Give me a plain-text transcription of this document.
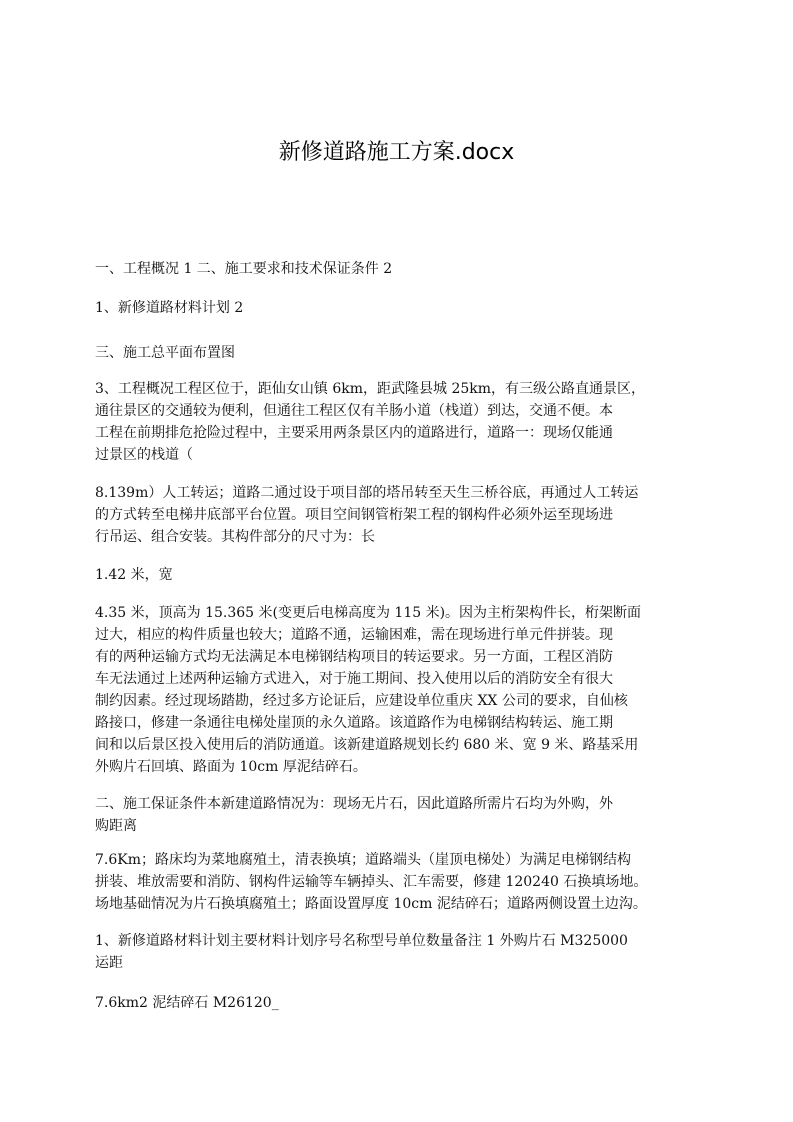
新修道路施工方案.docx
一、工程概况 1 二、施工要求和技术保证条件 2
1、新修道路材料计划 2
三、施工总平面布置图
3、工程概况工程区位于，距仙女山镇 6km，距武隆县城 25km，有三级公路直通景区，
通往景区的交通较为便利，但通往工程区仅有羊肠小道（栈道）到达，交通不便。本
工程在前期排危抢险过程中，主要采用两条景区内的道路进行，道路一：现场仅能通
过景区的栈道（
8.139m）人工转运；道路二通过设于项目部的塔吊转至天生三桥谷底，再通过人工转运
的方式转至电梯井底部平台位置。项目空间钢管桁架工程的钢构件必须外运至现场进
行吊运、组合安装。其构件部分的尺寸为：长
1.42 米，宽
4.35 米，顶高为 15.365 米(变更后电梯高度为 115 米)。因为主桁架构件长，桁架断面
过大，相应的构件质量也较大；道路不通，运输困难，需在现场进行单元件拼装。现
有的两种运输方式均无法满足本电梯钢结构项目的转运要求。另一方面，工程区消防
车无法通过上述两种运输方式进入，对于施工期间、投入使用以后的消防安全有很大
制约因素。经过现场踏勘，经过多方论证后，应建设单位重庆 XX 公司的要求，自仙核
路接口，修建一条通往电梯处崖顶的永久道路。该道路作为电梯钢结构转运、施工期
间和以后景区投入使用后的消防通道。该新建道路规划长约 680 米、宽 9 米、路基采用
外购片石回填、路面为 10cm 厚泥结碎石。
二、施工保证条件本新建道路情况为：现场无片石，因此道路所需片石均为外购，外
购距离
7.6Km；路床均为菜地腐殖土，清表换填；道路端头（崖顶电梯处）为满足电梯钢结构
拼装、堆放需要和消防、钢构件运输等车辆掉头、汇车需要，修建 120240 石换填场地。
场地基础情况为片石换填腐殖土；路面设置厚度 10cm 泥结碎石；道路两侧设置土边沟。
1、新修道路材料计划主要材料计划序号名称型号单位数量备注 1 外购片石 M325000
运距
7.6km2 泥结碎石 M26120_
